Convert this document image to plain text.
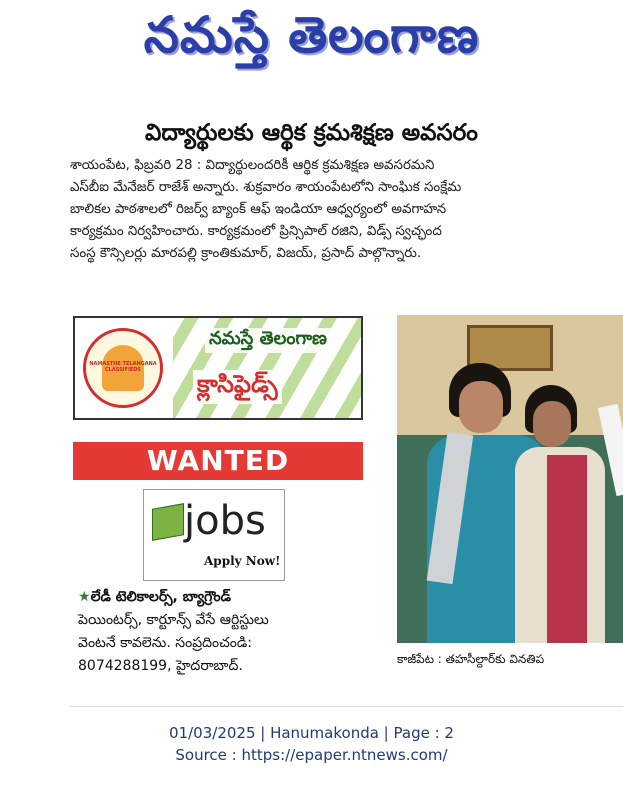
నమస్తే తెలంగాణ
విద్యార్థులకు ఆర్థిక క్రమశిక్షణ అవసరం

శాయంపేట, ఫిబ్రవరి 28 : విద్యార్థులందరికీ ఆర్థిక క్రమశిక్షణ అవసరమని

ఎస్‌బీఐ మేనేజర్ రాజేశ్ అన్నారు. శుక్రవారం శాయంపేటలోని సాంఘిక సంక్షేమ

బాలికల పాఠశాలలో రిజర్వ్ బ్యాంక్ ఆఫ్ ఇండియా ఆధ్వర్యంలో అవగాహన

కార్యక్రమం నిర్వహించారు. కార్యక్రమంలో ప్రిన్సిపాల్ రజిని, విడ్స్ స్వచ్ఛంద

సంస్థ కౌన్సిలర్లు మారపల్లి క్రాంతికుమార్, విజయ్, ప్రసాద్ పాల్గొన్నారు.

NAMASTHE TELANGANA CLASSIFIEDS
నమస్తే తెలంగాణ
క్లాసిఫైడ్స్
WANTED
jobs
Apply Now!

★లేడీ టెలికాలర్స్, బ్యాగ్రౌండ్

పెయింటర్స్, కార్టూన్స్ వేసే ఆర్టిస్టులు

వెంటనే కావలెను. సంప్రదించండి:

8074288199, హైదరాబాద్.	కాజీపేట : తహసీల్దార్‌కు వినతిప
01/03/2025 | Hanumakonda | Page : 2
Source : https://epaper.ntnews.com/
